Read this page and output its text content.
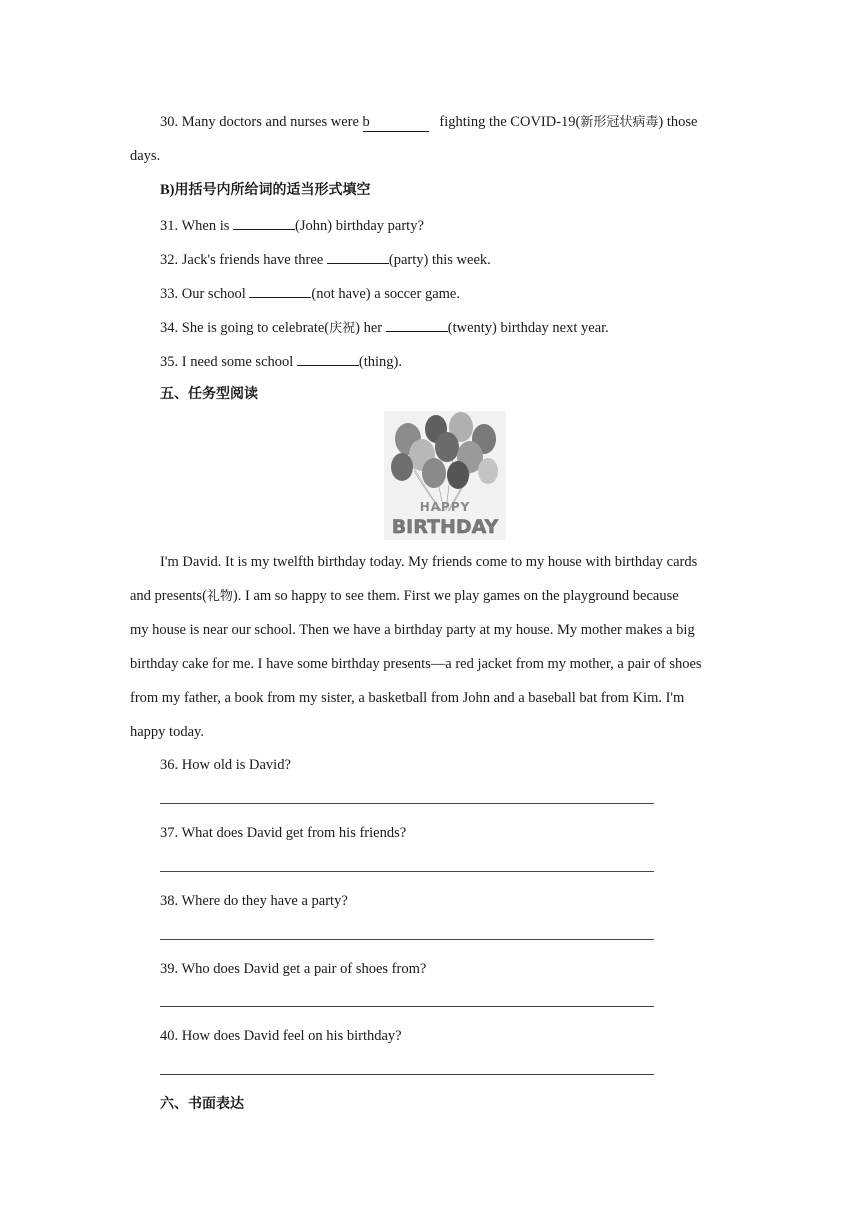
30. Many doctors and nurses were b	fighting the COVID-19(新形冠状病毒) those
days.
B)用括号内所给词的适当形式填空
31. When is	(John) birthday party?
32. Jack's friends have three	(party) this week.
33. Our school	(not have) a soccer game.
34. She is going to celebrate(庆祝) her	(twenty) birthday next year.
35. I need some school	(thing).
五、任务型阅读
HAPPY
BIRTHDAY
I'm David. It is my twelfth birthday today. My friends come to my house with birthday cards
and presents(礼物). I am so happy to see them. First we play games on the playground because
my house is near our school. Then we have a birthday party at my house. My mother makes a big
birthday cake for me. I have some birthday presents—a red jacket from my mother, a pair of shoes
from my father, a book from my sister, a basketball from John and a baseball bat from Kim. I'm
happy today.
36. How old is David?
37. What does David get from his friends?
38. Where do they have a party?
39. Who does David get a pair of shoes from?
40. How does David feel on his birthday?
六、书面表达
